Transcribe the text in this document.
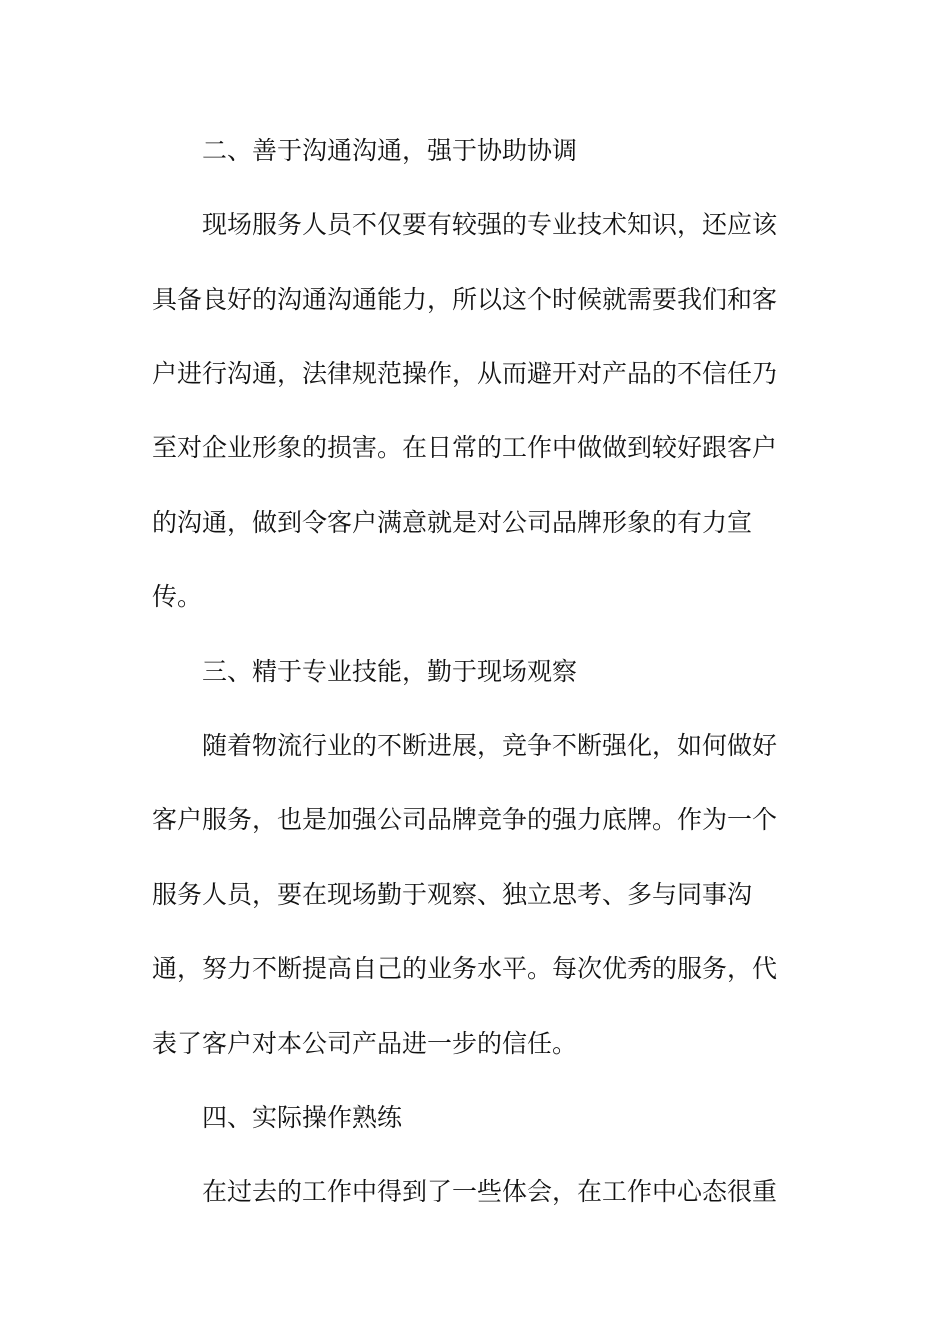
二、善于沟通沟通，强于协助协调
现场服务人员不仅要有较强的专业技术知识，还应该
具备良好的沟通沟通能力，所以这个时候就需要我们和客
户进行沟通，法律规范操作，从而避开对产品的不信任乃
至对企业形象的损害。在日常的工作中做做到较好跟客户
的沟通，做到令客户满意就是对公司品牌形象的有力宣
传。
三、精于专业技能，勤于现场观察
随着物流行业的不断进展，竞争不断强化，如何做好
客户服务，也是加强公司品牌竞争的强力底牌。作为一个
服务人员，要在现场勤于观察、独立思考、多与同事沟
通，努力不断提高自己的业务水平。每次优秀的服务，代
表了客户对本公司产品进一步的信任。
四、实际操作熟练
在过去的工作中得到了一些体会，在工作中心态很重
